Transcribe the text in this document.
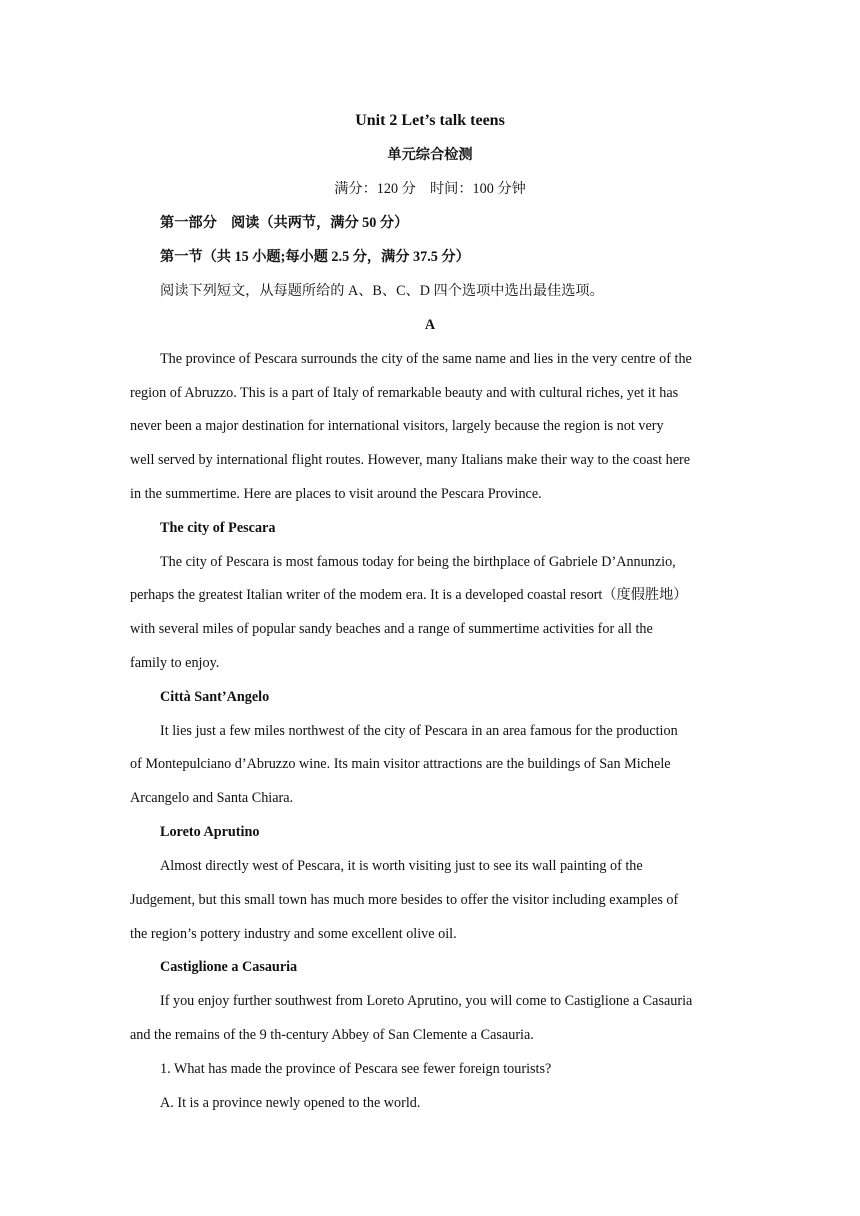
Unit 2 Let’s talk teens
单元综合检测
满分：120 分　时间：100 分钟
第一部分　阅读（共两节，满分 50 分）
第一节（共 15 小题;每小题 2.5 分，满分 37.5 分）
阅读下列短文，从每题所给的 A、B、C、D 四个选项中选出最佳选项。
A
The province of Pescara surrounds the city of the same name and lies in the very centre of the
region of Abruzzo. This is a part of Italy of remarkable beauty and with cultural riches, yet it has
never been a major destination for international visitors, largely because the region is not very
well served by international flight routes. However, many Italians make their way to the coast here
in the summertime. Here are places to visit around the Pescara Province.
The city of Pescara
The city of Pescara is most famous today for being the birthplace of Gabriele D’Annunzio,
perhaps the greatest Italian writer of the modem era. It is a developed coastal resort（度假胜地）
with several miles of popular sandy beaches and a range of summertime activities for all the
family to enjoy.
Città Sant’Angelo
It lies just a few miles northwest of the city of Pescara in an area famous for the production
of Montepulciano d’Abruzzo wine. Its main visitor attractions are the buildings of San Michele
Arcangelo and Santa Chiara.
Loreto Aprutino
Almost directly west of Pescara, it is worth visiting just to see its wall painting of the
Judgement, but this small town has much more besides to offer the visitor including examples of
the region’s pottery industry and some excellent olive oil.
Castiglione a Casauria
If you enjoy further southwest from Loreto Aprutino, you will come to Castiglione a Casauria
and the remains of the 9 th-century Abbey of San Clemente a Casauria.
1. What has made the province of Pescara see fewer foreign tourists?
A. It is a province newly opened to the world.
